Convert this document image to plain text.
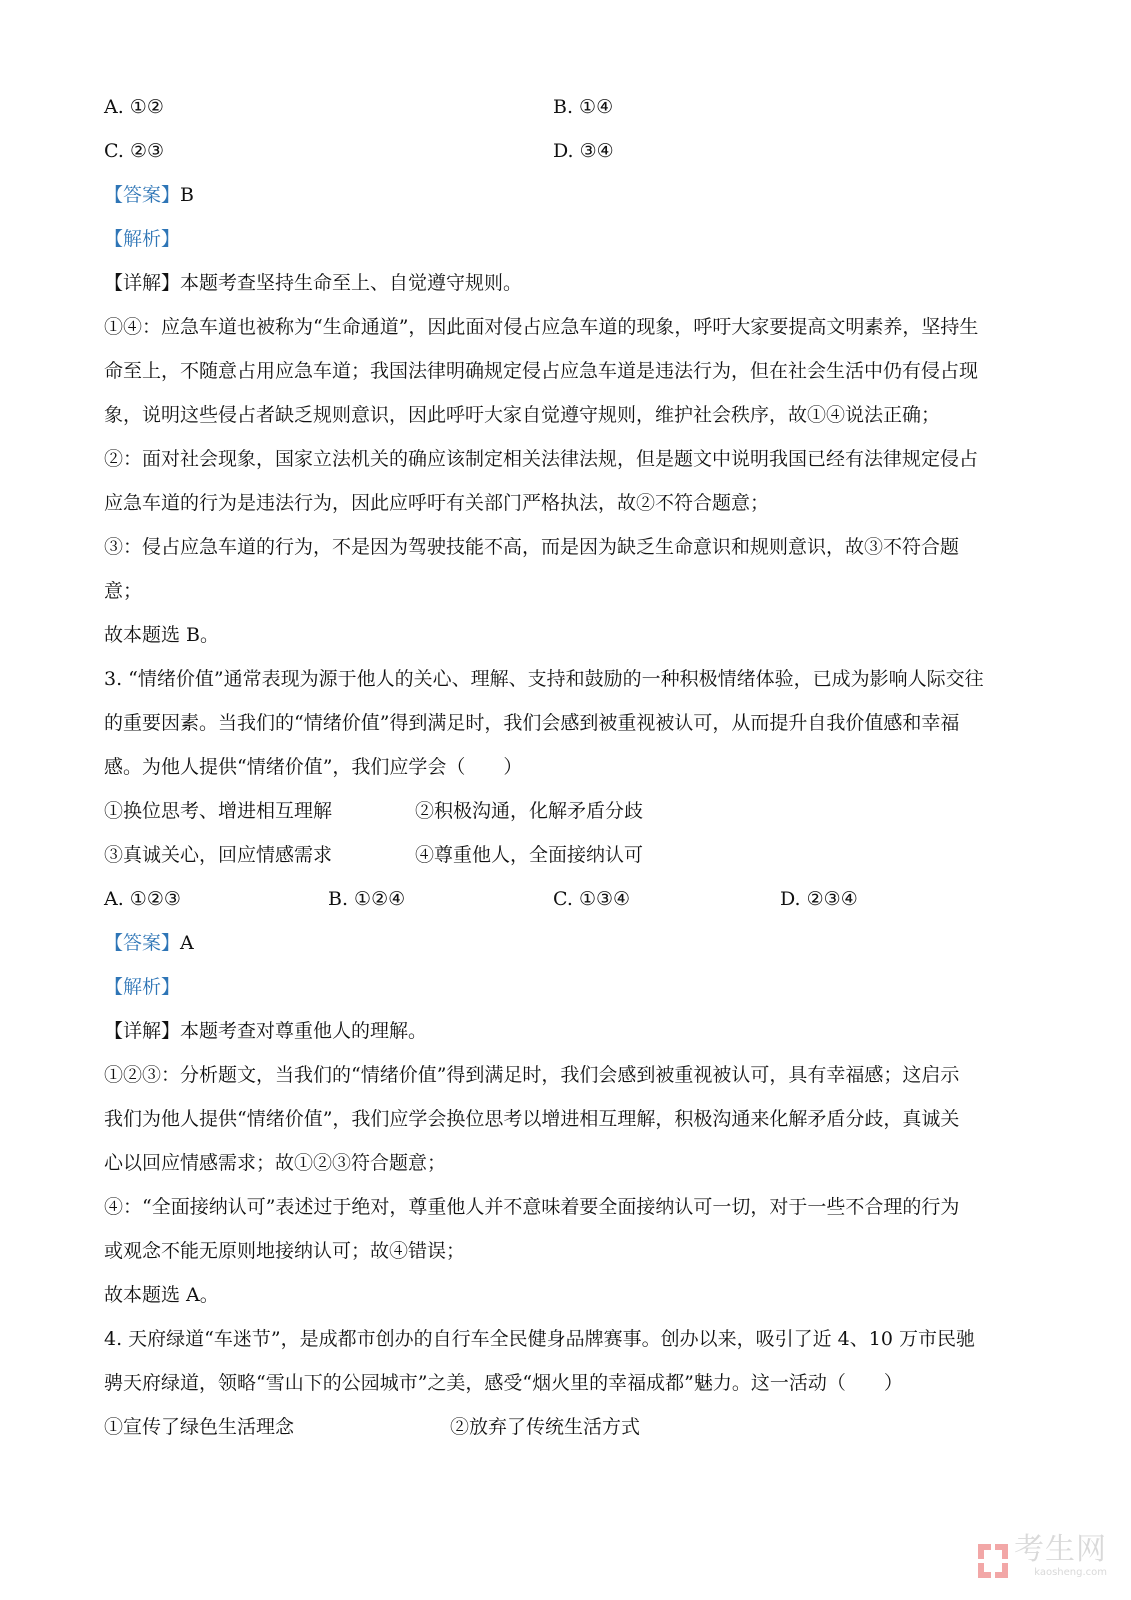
A. ①②	B. ①④
C. ②③	D. ③④
【答案】B
【解析】
【详解】本题考查坚持生命至上、自觉遵守规则。
①④：应急车道也被称为“生命通道”，因此面对侵占应急车道的现象，呼吁大家要提高文明素养，坚持生
命至上，不随意占用应急车道；我国法律明确规定侵占应急车道是违法行为，但在社会生活中仍有侵占现
象，说明这些侵占者缺乏规则意识，因此呼吁大家自觉遵守规则，维护社会秩序，故①④说法正确；
②：面对社会现象，国家立法机关的确应该制定相关法律法规，但是题文中说明我国已经有法律规定侵占
应急车道的行为是违法行为，因此应呼吁有关部门严格执法，故②不符合题意；
③：侵占应急车道的行为，不是因为驾驶技能不高，而是因为缺乏生命意识和规则意识，故③不符合题
意；
故本题选 B。
3. “情绪价值”通常表现为源于他人的关心、理解、支持和鼓励的一种积极情绪体验，已成为影响人际交往
的重要因素。当我们的“情绪价值”得到满足时，我们会感到被重视被认可，从而提升自我价值感和幸福
感。为他人提供“情绪价值”，我们应学会（　　）
①换位思考、增进相互理解	②积极沟通，化解矛盾分歧
③真诚关心，回应情感需求	④尊重他人，全面接纳认可
A. ①②③	B. ①②④	C. ①③④	D. ②③④
【答案】A
【解析】
【详解】本题考查对尊重他人的理解。
①②③：分析题文，当我们的“情绪价值”得到满足时，我们会感到被重视被认可，具有幸福感；这启示
我们为他人提供“情绪价值”，我们应学会换位思考以增进相互理解，积极沟通来化解矛盾分歧，真诚关
心以回应情感需求；故①②③符合题意；
④：“全面接纳认可”表述过于绝对，尊重他人并不意味着要全面接纳认可一切，对于一些不合理的行为
或观念不能无原则地接纳认可；故④错误；
故本题选 A。
4. 天府绿道“车迷节”，是成都市创办的自行车全民健身品牌赛事。创办以来，吸引了近 4、10 万市民驰
骋天府绿道，领略“雪山下的公园城市”之美，感受“烟火里的幸福成都”魅力。这一活动（　　）
①宣传了绿色生活理念	②放弃了传统生活方式
考生网
kaosheng.com
